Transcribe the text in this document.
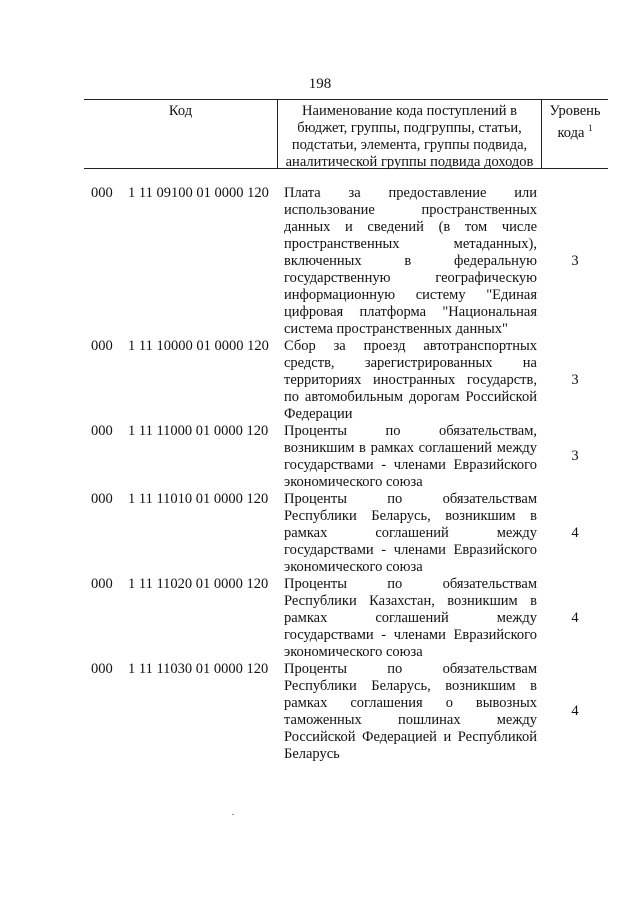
198
Код	Наименование кода поступлений в бюджет, группы, подгруппы, статьи, подстатьи, элемента, группы подвида, аналитической группы подвида доходов
Уровень кода $^1$
000 1 11 09100 01 0000 120 Плата за предоставление или использование пространственных данных и сведений (в том числе пространственных метаданных), включенных в федеральную государственную географическую информационную систему "Единая цифровая платформа "Национальная система пространственных данных"
3
000 1 11 10000 01 0000 120 Сбор за проезд автотранспортных средств, зарегистрированных на территориях иностранных государств, по автомобильным дорогам Российской Федерации
3
000 1 11 11000 01 0000 120 Проценты по обязательствам, возникшим в рамках соглашений между государствами - членами Евразийского экономического союза
3
000 1 11 11010 01 0000 120 Проценты по обязательствам Республики Беларусь, возникшим в рамках соглашений между государствами - членами Евразийского экономического союза
4
000 1 11 11020 01 0000 120 Проценты по обязательствам Республики Казахстан, возникшим в рамках соглашений между государствами - членами Евразийского экономического союза
4
000 1 11 11030 01 0000 120 Проценты по обязательствам Республики Беларусь, возникшим в рамках соглашения о вывозных таможенных пошлинах между Российской Федерацией и Республикой Беларусь
4
